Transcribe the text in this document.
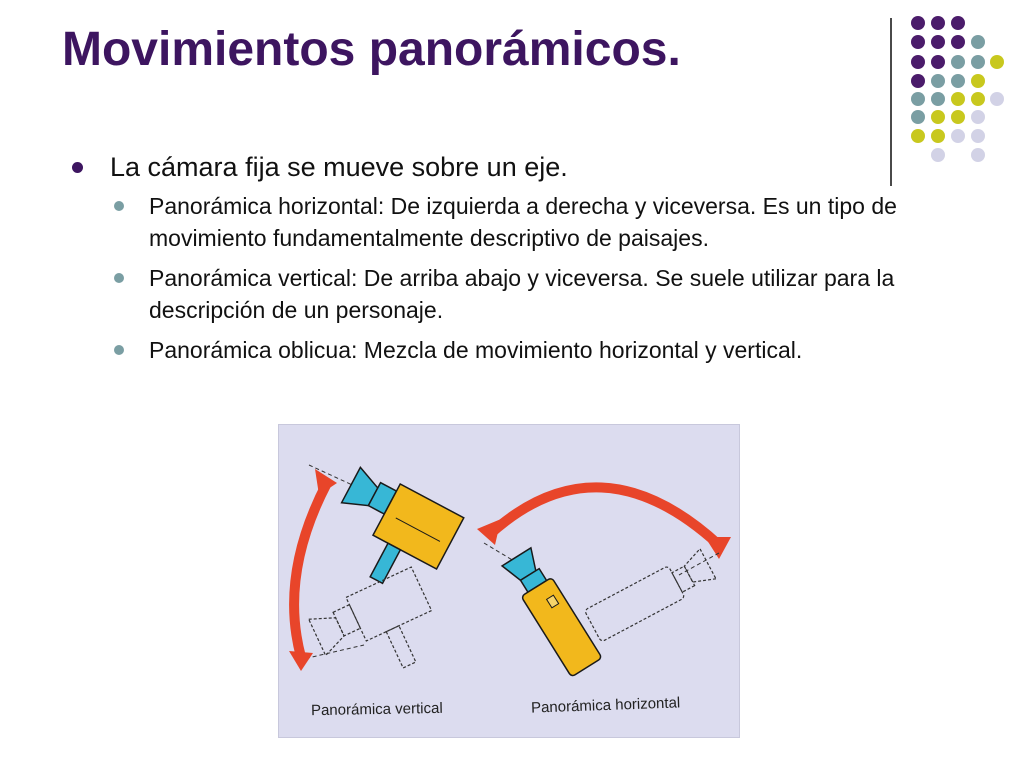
Movimientos panorámicos.
La cámara fija se mueve sobre un eje.
Panorámica horizontal: De izquierda a derecha y viceversa. Es un tipo de movimiento fundamentalmente descriptivo de paisajes.
Panorámica vertical: De arriba abajo y viceversa. Se suele utilizar para la descripción de un personaje.
Panorámica oblicua: Mezcla de movimiento horizontal y vertical.
Panorámica vertical	Panorámica horizontal
